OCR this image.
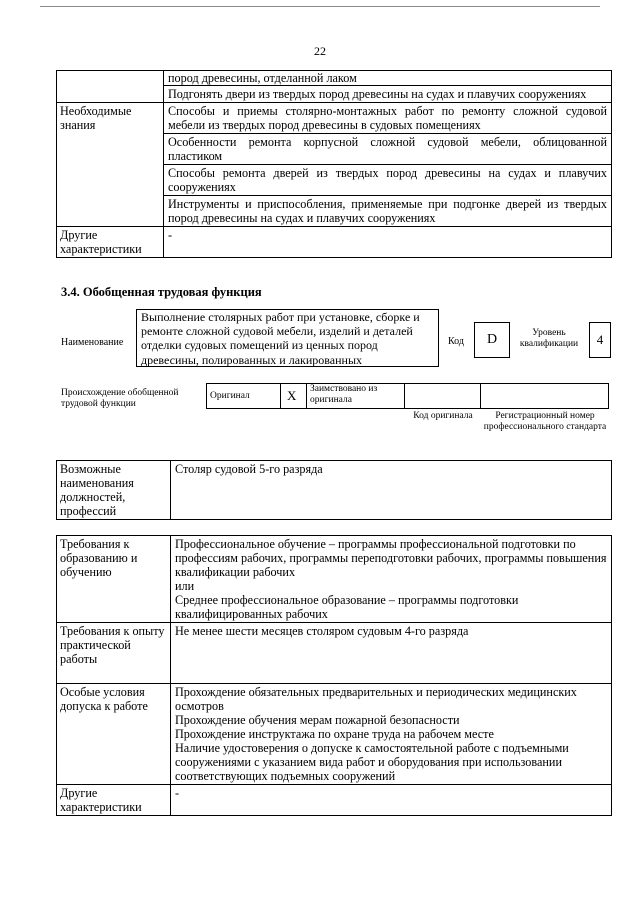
22
	пород древесины, отделанной лаком
	Подгонять двери из твердых пород древесины на судах и плавучих сооружениях
Необходимые знания	Способы и приемы столярно-монтажных работ по ремонту сложной судовой мебели из твердых пород древесины в судовых помещениях
	Особенности ремонта корпусной сложной судовой мебели, облицованной пластиком
	Способы ремонта дверей из твердых пород древесины на судах и плавучих сооружениях
	Инструменты и приспособления, применяемые при подгонке дверей из твердых пород древесины на судах и плавучих сооружениях
Другие характеристики	-
3.4. Обобщенная трудовая функция
Наименование
Выполнение столярных работ при установке, сборке и ремонте сложной судовой мебели, изделий и деталей отделки судовых помещений из ценных пород древесины, полированных и лакированных
Код D	Уровень квалификации	4
Происхождение обобщенной трудовой функции
Оригинал	X Заимствовано из оригинала
Код оригинала	Регистрационный номер профессионального стандарта
Возможные наименования должностей, профессий	Столяр судовой 5-го разряда
Требования к образованию и обучению	Профессиональное обучение – программы профессиональной подготовки по профессиям рабочих, программы переподготовки рабочих, программы повышения квалификации рабочих
или
Среднее профессиональное образование – программы подготовки квалифицированных рабочих

Требования к опыту практической работы	Не менее шести месяцев столяром судовым 4-го разряда
Особые условия допуска к работе	Прохождение обязательных предварительных и периодических медицинских осмотров
Прохождение обучения мерам пожарной безопасности
Прохождение инструктажа по охране труда на рабочем месте
Наличие удостоверения о допуске к самостоятельной работе с подъемными сооружениями с указанием вида работ и оборудования при использовании соответствующих подъемных сооружений

Другие характеристики	-
